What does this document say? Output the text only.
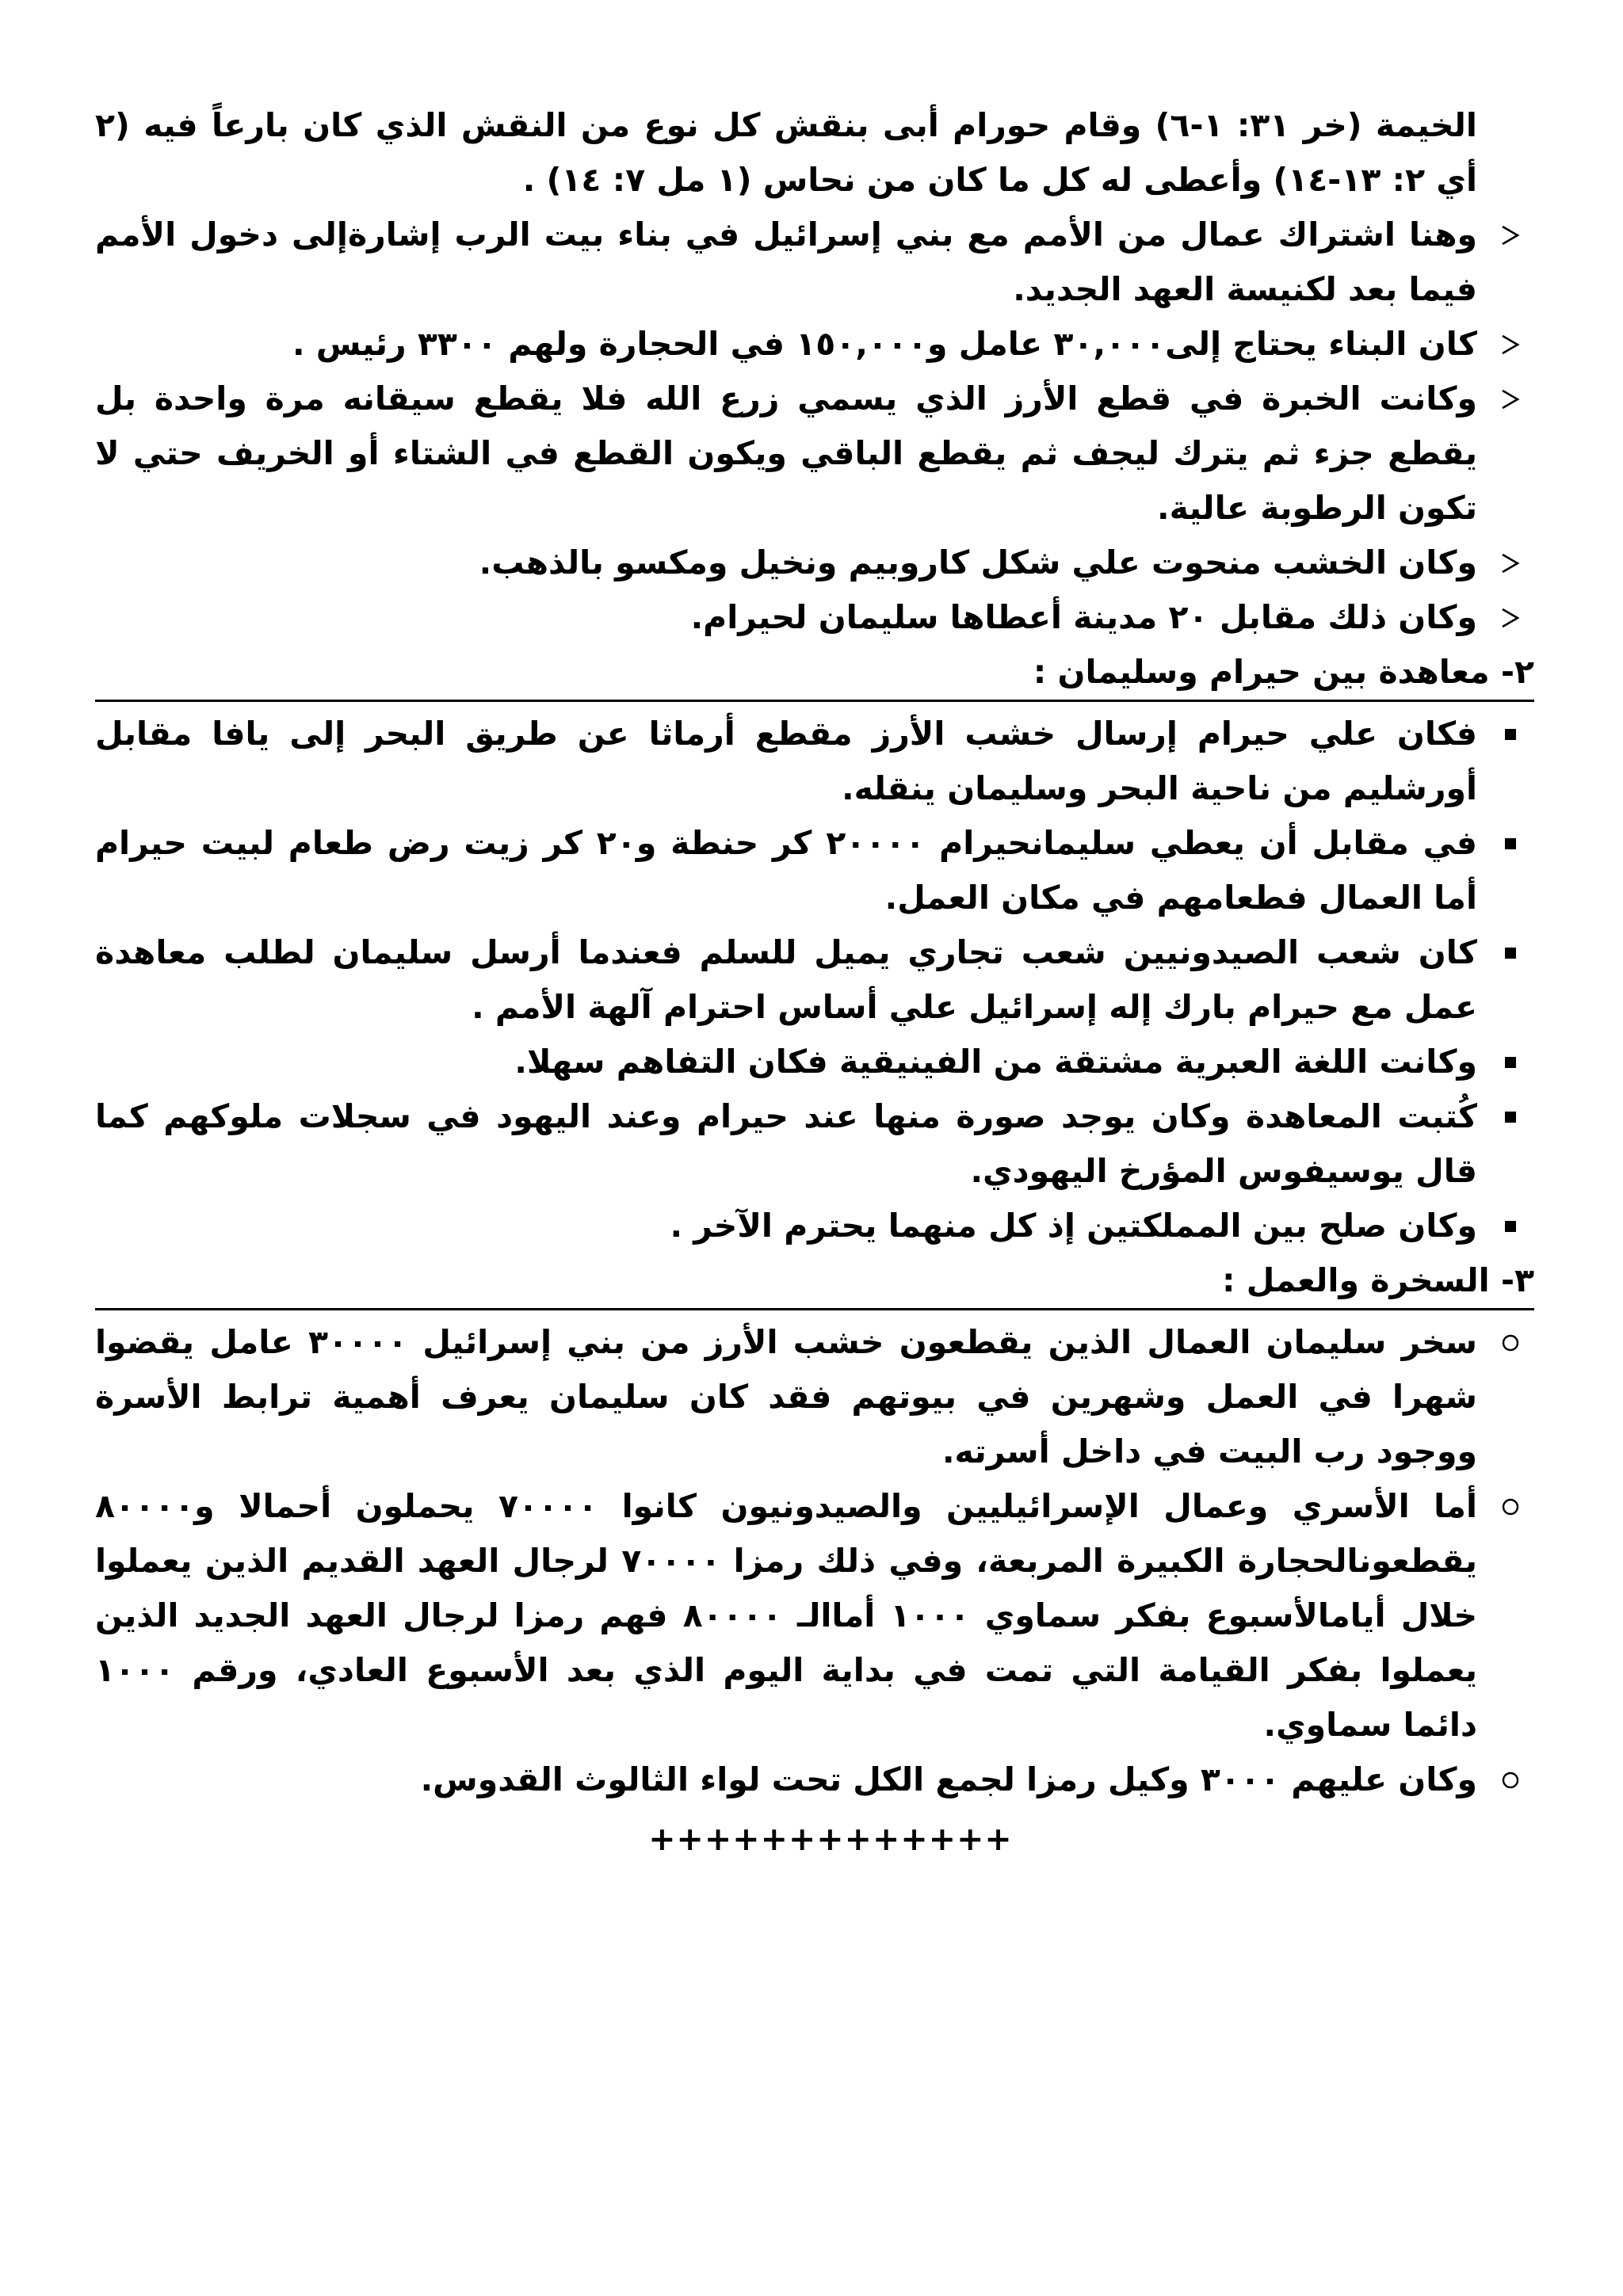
الخيمة (خر ٣١: ١-٦) وقام حورام أبى بنقش كل نوع من النقش الذي كان بارعاً فيه (٢ أي ٢: ١٣-١٤) وأعطى له كل ما كان من نحاس (١ مل ٧: ١٤) .

وهنا اشتراك عمال من الأمم مع بني إسرائيل في بناء بيت الرب إشارةإلى دخول الأمم فيما بعد لكنيسة العهد الجديد.
كان البناء يحتاج إلى٣٠,٠٠٠ عامل و١٥٠,٠٠٠ في الحجارة ولهم ٣٣٠٠ رئيس .
وكانت الخبرة في قطع الأرز الذي يسمي زرع الله فلا يقطع سيقانه مرة واحدة بل يقطع جزء ثم يترك ليجف ثم يقطع الباقي ويكون القطع في الشتاء أو الخريف حتي لا تكون الرطوبة عالية.
وكان الخشب منحوت علي شكل كاروبيم ونخيل ومكسو بالذهب.
وكان ذلك مقابل ٢٠ مدينة أعطاها سليمان لحيرام.
٢- معاهدة بين حيرام وسليمان :
فكان علي حيرام إرسال خشب الأرز مقطع أرماثا عن طريق البحر إلى يافا مقابل أورشليم من ناحية البحر وسليمان ينقله.
في مقابل أن يعطي سليمانحيرام ٢٠٠٠٠ كر حنطة و٢٠ كر زيت رض طعام لبيت حيرام أما العمال فطعامهم في مكان العمل.
كان شعب الصيدونيين شعب تجاري يميل للسلم فعندما أرسل سليمان لطلب معاهدة عمل مع حيرام بارك إله إسرائيل علي أساس احترام آلهة الأمم .
وكانت اللغة العبرية مشتقة من الفينيقية فكان التفاهم سهلا.
كُتبت المعاهدة وكان يوجد صورة منها عند حيرام وعند اليهود في سجلات ملوكهم كما قال يوسيفوس المؤرخ اليهودي.
وكان صلح بين المملكتين إذ كل منهما يحترم الآخر .
٣- السخرة والعمل :
سخر سليمان العمال الذين يقطعون خشب الأرز من بني إسرائيل ٣٠٠٠٠ عامل يقضوا شهرا في العمل وشهرين في بيوتهم فقد كان سليمان يعرف أهمية ترابط الأسرة ووجود رب البيت في داخل أسرته.
أما الأسري وعمال الإسرائيليين والصيدونيون كانوا ٧٠٠٠٠ يحملون أحمالا و٨٠٠٠٠ يقطعونالحجارة الكبيرة المربعة، وفي ذلك رمزا ٧٠٠٠٠ لرجال العهد القديم الذين يعملوا خلال أيامالأسبوع بفكر سماوي ١٠٠٠ أماالـ ٨٠٠٠٠ فهم رمزا لرجال العهد الجديد الذين يعملوا بفكر القيامة التي تمت في بداية اليوم الذي بعد الأسبوع العادي، ورقم ١٠٠٠ دائما سماوي.
وكان عليهم ٣٠٠٠ وكيل رمزا لجمع الكل تحت لواء الثالوث القدوس.

+++++++++++++
